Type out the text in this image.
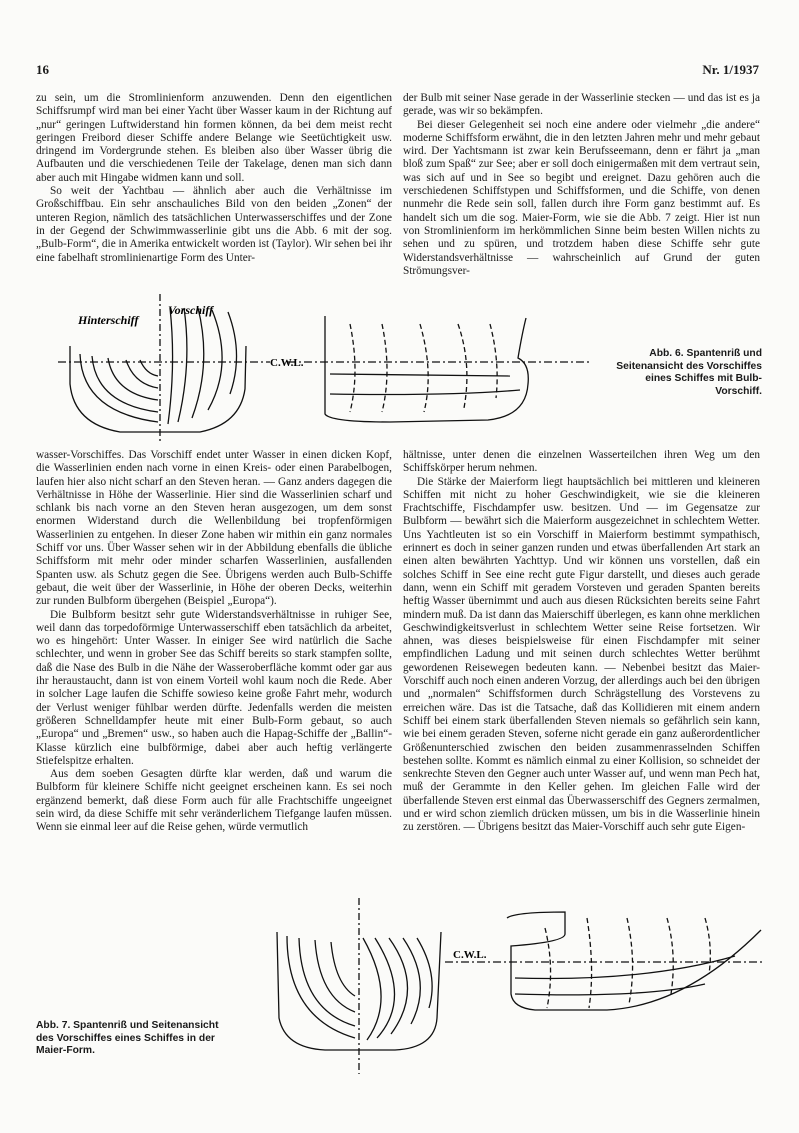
16	Nr. 1/1937

zu sein, um die Stromlinienform anzuwenden. Denn den eigentlichen Schiffsrumpf wird man bei einer Yacht über Wasser kaum in der Richtung auf „nur“ geringen Luftwiderstand hin formen können, da bei dem meist recht geringen Freibord dieser Schiffe andere Belange wie Seetüchtigkeit usw. dringend im Vordergrunde stehen. Es bleiben also über Wasser übrig die Aufbauten und die verschiedenen Teile der Takelage, denen man sich dann aber auch mit Hingabe widmen kann und soll.

So weit der Yachtbau — ähnlich aber auch die Verhältnisse im Großschiffbau. Ein sehr anschauliches Bild von den beiden „Zonen“ der unteren Region, nämlich des tatsächlichen Unterwasserschiffes und der Zone in der Gegend der Schwimmwasserlinie gibt uns die Abb. 6 mit der sog. „Bulb-Form“, die in Amerika entwickelt worden ist (Taylor). Wir sehen bei ihr eine fabelhaft stromlinienartige Form des Unter-

der Bulb mit seiner Nase gerade in der Wasserlinie stecken — und das ist es ja gerade, was wir so bekämpfen.

Bei dieser Gelegenheit sei noch eine andere oder vielmehr „die andere“ moderne Schiffsform erwähnt, die in den letzten Jahren mehr und mehr gebaut wird. Der Yachtsmann ist zwar kein Berufsseemann, denn er fährt ja „man bloß zum Spaß“ zur See; aber er soll doch einigermaßen mit dem vertraut sein, was sich auf und in See so begibt und ereignet. Dazu gehören auch die verschiedenen Schiffstypen und Schiffsformen, und die Schiffe, von denen nunmehr die Rede sein soll, fallen durch ihre Form ganz bestimmt auf. Es handelt sich um die sog. Maier-Form, wie sie die Abb. 7 zeigt. Hier ist nun von Stromlinienform im herkömmlichen Sinne beim besten Willen nichts zu sehen und zu spüren, und trotzdem haben diese Schiffe sehr gute Widerstandsverhältnisse — wahrscheinlich auf Grund der guten Strömungsver-

Hinterschiff
Vorschiff
C.W.L.
Abb. 6. Spantenriß und Seitenansicht des Vorschiffes eines Schiffes mit Bulb-Vorschiff.

wasser-Vorschiffes. Das Vorschiff endet unter Wasser in einen dicken Kopf, die Wasserlinien enden nach vorne in einen Kreis- oder einen Parabelbogen, laufen hier also nicht scharf an den Steven heran. — Ganz anders dagegen die Verhältnisse in Höhe der Wasserlinie. Hier sind die Wasserlinien scharf und schlank bis nach vorne an den Steven heran ausgezogen, um dem sonst enormen Widerstand durch die Wellenbildung bei tropfenförmigen Wasserlinien zu entgehen. In dieser Zone haben wir mithin ein ganz normales Schiff vor uns. Über Wasser sehen wir in der Abbildung ebenfalls die übliche Schiffsform mit mehr oder minder scharfen Wasserlinien, ausfallenden Spanten usw. als Schutz gegen die See. Übrigens werden auch Bulb-Schiffe gebaut, die weit über der Wasserlinie, in Höhe der oberen Decks, weiterhin zur runden Bulbform übergehen (Beispiel „Europa“).

Die Bulbform besitzt sehr gute Widerstandsverhältnisse in ruhiger See, weil dann das torpedoförmige Unterwasserschiff eben tatsächlich da arbeitet, wo es hingehört: Unter Wasser. In einiger See wird natürlich die Sache schlechter, und wenn in grober See das Schiff bereits so stark stampfen sollte, daß die Nase des Bulb in die Nähe der Wasseroberfläche kommt oder gar aus ihr heraustaucht, dann ist von einem Vorteil wohl kaum noch die Rede. Aber in solcher Lage laufen die Schiffe sowieso keine große Fahrt mehr, wodurch der Verlust weniger fühlbar werden dürfte. Jedenfalls werden die meisten größeren Schnelldampfer heute mit einer Bulb-Form gebaut, so auch „Europa“ und „Bremen“ usw., so haben auch die Hapag-Schiffe der „Ballin“-Klasse kürzlich eine bulbförmige, dabei aber auch heftig verlängerte Stiefelspitze erhalten.

Aus dem soeben Gesagten dürfte klar werden, daß und warum die Bulbform für kleinere Schiffe nicht geeignet erscheinen kann. Es sei noch ergänzend bemerkt, daß diese Form auch für alle Frachtschiffe ungeeignet sein wird, da diese Schiffe mit sehr veränderlichem Tiefgange laufen müssen. Wenn sie einmal leer auf die Reise gehen, würde vermutlich

hältnisse, unter denen die einzelnen Wasserteilchen ihren Weg um den Schiffskörper herum nehmen.

Die Stärke der Maierform liegt hauptsächlich bei mittleren und kleineren Schiffen mit nicht zu hoher Geschwindigkeit, wie sie die kleineren Frachtschiffe, Fischdampfer usw. besitzen. Und — im Gegensatze zur Bulbform — bewährt sich die Maierform ausgezeichnet in schlechtem Wetter. Uns Yachtleuten ist so ein Vorschiff in Maierform bestimmt sympathisch, erinnert es doch in seiner ganzen runden und etwas überfallenden Art stark an einen alten bewährten Yachttyp. Und wir können uns vorstellen, daß ein solches Schiff in See eine recht gute Figur darstellt, und dieses auch gerade dann, wenn ein Schiff mit geradem Vorsteven und geraden Spanten bereits heftig Wasser übernimmt und auch aus diesen Rücksichten bereits seine Fahrt mindern muß. Da ist dann das Maierschiff überlegen, es kann ohne merklichen Geschwindigkeitsverlust in schlechtem Wetter seine Reise fortsetzen. Wir ahnen, was dieses beispielsweise für einen Fischdampfer mit seiner empfindlichen Ladung und mit seinen durch schlechtes Wetter berühmt gewordenen Reisewegen bedeuten kann. — Nebenbei besitzt das Maier-Vorschiff auch noch einen anderen Vorzug, der allerdings auch bei den übrigen und „normalen“ Schiffsformen durch Schrägstellung des Vorstevens zu erreichen wäre. Das ist die Tatsache, daß das Kollidieren mit einem andern Schiff bei einem stark überfallenden Steven niemals so gefährlich sein kann, wie bei einem geraden Steven, soferne nicht gerade ein ganz außerordentlicher Größenunterschied zwischen den beiden zusammenrasselnden Schiffen bestehen sollte. Kommt es nämlich einmal zu einer Kollision, so schneidet der senkrechte Steven den Gegner auch unter Wasser auf, und wenn man Pech hat, muß der Gerammte in den Keller gehen. Im gleichen Falle wird der überfallende Steven erst einmal das Überwasserschiff des Gegners zermalmen, und er wird schon ziemlich drücken müssen, um bis in die Wasserlinie hinein zu zerstören. — Übrigens besitzt das Maier-Vorschiff auch sehr gute Eigen-

C.W.L.
Abb. 7. Spantenriß und Seitenansicht des Vorschiffes eines Schiffes in der Maier-Form.
